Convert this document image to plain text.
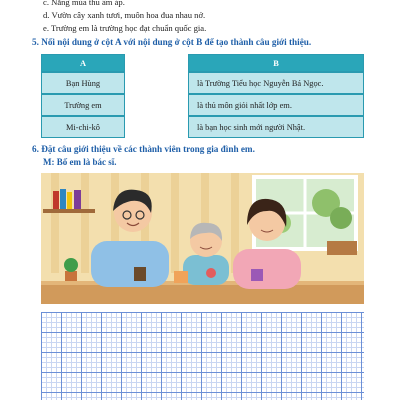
c. Nắng mùa thu ấm áp.
d. Vườn cây xanh tươi, muôn hoa đua nhau nở.
e. Trường em là trường học đạt chuẩn quốc gia.
5. Nối nội dung ở cột A với nội dung ở cột B để tạo thành câu giới thiệu.
A	B
Bạn Hùng
Trường em
Mi-chi-kô
là Trường Tiểu học Nguyễn Bá Ngọc.
là thủ môn giỏi nhất lớp em.
là bạn học sinh mới người Nhật.
6. Đặt câu giới thiệu về các thành viên trong gia đình em.
M: Bố em là bác sĩ.
